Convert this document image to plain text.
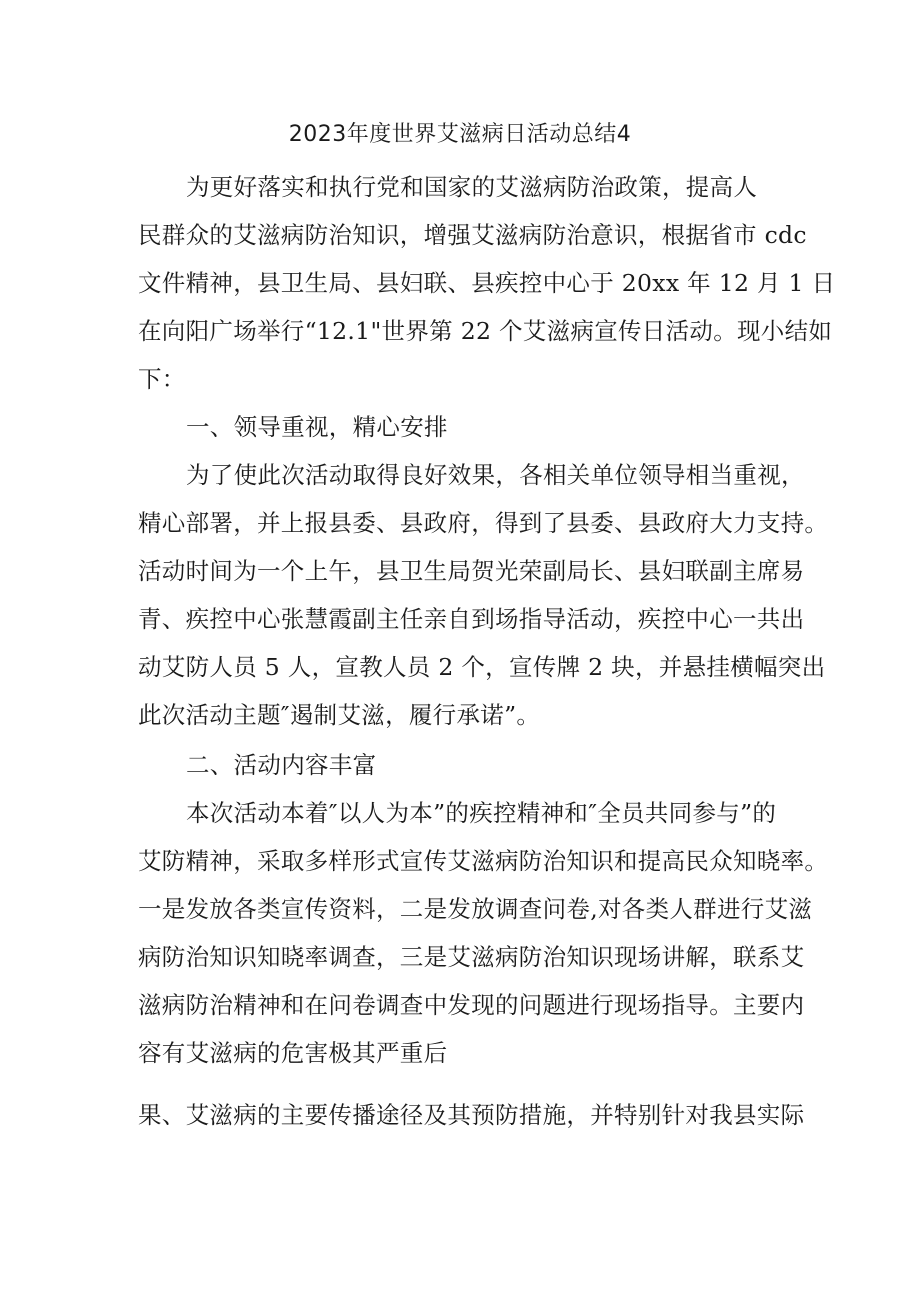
2023年度世界艾滋病日活动总结4
为更好落实和执行党和国家的艾滋病防治政策，提高人
民群众的艾滋病防治知识，增强艾滋病防治意识，根据省市 cdc
文件精神，县卫生局、县妇联、县疾控中心于 20xx 年 12 月 1 日
在向阳广场举行“12.1"世界第 22 个艾滋病宣传日活动。现小结如
下：
一、领导重视，精心安排
为了使此次活动取得良好效果，各相关单位领导相当重视，
精心部署，并上报县委、县政府，得到了县委、县政府大力支持。
活动时间为一个上午，县卫生局贺光荣副局长、县妇联副主席易
青、疾控中心张慧霞副主任亲自到场指导活动，疾控中心一共出
动艾防人员 5 人，宣教人员 2 个，宣传牌 2 块，并悬挂横幅突出
此次活动主题″遏制艾滋，履行承诺”。
二、活动内容丰富
本次活动本着″以人为本”的疾控精神和″全员共同参与”的
艾防精神，采取多样形式宣传艾滋病防治知识和提高民众知晓率。
一是发放各类宣传资料，二是发放调查问卷,对各类人群进行艾滋
病防治知识知晓率调查，三是艾滋病防治知识现场讲解，联系艾
滋病防治精神和在问卷调查中发现的问题进行现场指导。主要内
容有艾滋病的危害极其严重后
果、艾滋病的主要传播途径及其预防措施，并特别针对我县实际
